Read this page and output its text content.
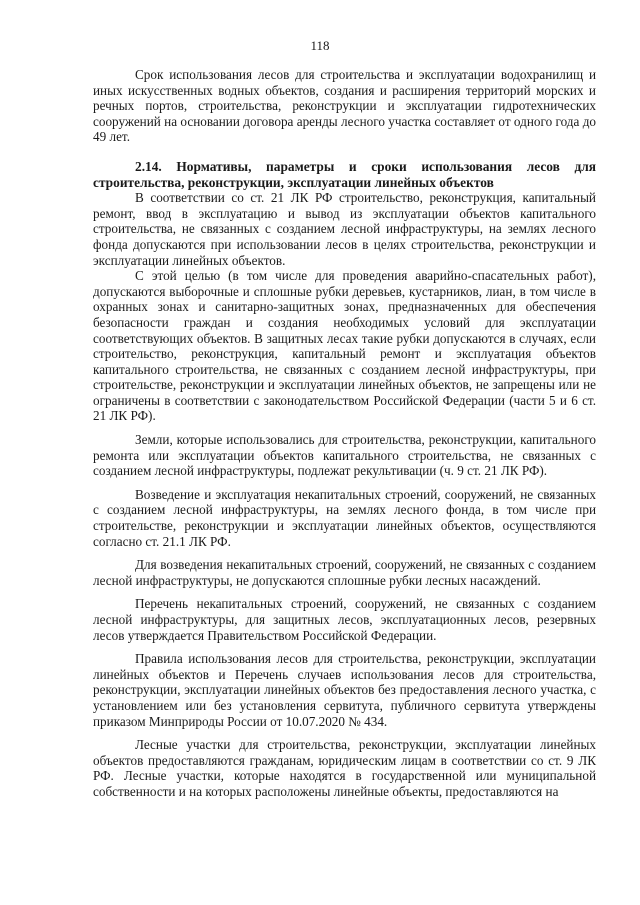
118

Срок использования лесов для строительства и эксплуатации водохранилищ и иных искусственных водных объектов, создания и расширения территорий морских и речных портов, строительства, реконструкции и эксплуатации гидротехнических сооружений на основании договора аренды лесного участка составляет от одного года до 49 лет.

2.14. Нормативы, параметры и сроки использования лесов для строительства, реконструкции, эксплуатации линейных объектов

В соответствии со ст. 21 ЛК РФ строительство, реконструкция, капитальный ремонт, ввод в эксплуатацию и вывод из эксплуатации объектов капитального строительства, не связанных с созданием лесной инфраструктуры, на землях лесного фонда допускаются при использовании лесов в целях строительства, реконструкции и эксплуатации линейных объектов.

С этой целью (в том числе для проведения аварийно-спасательных работ), допускаются выборочные и сплошные рубки деревьев, кустарников, лиан, в том числе в охранных зонах и санитарно-защитных зонах, предназначенных для обеспечения безопасности граждан и создания необходимых условий для эксплуатации соответствующих объектов. В защитных лесах такие рубки допускаются в случаях, если строительство, реконструкция, капитальный ремонт и эксплуатация объектов капитального строительства, не связанных с созданием лесной инфраструктуры, при строительстве, реконструкции и эксплуатации линейных объектов, не запрещены или не ограничены в соответствии с законодательством Российской Федерации (части 5 и 6 ст. 21 ЛК РФ).

Земли, которые использовались для строительства, реконструкции, капитального ремонта или эксплуатации объектов капитального строительства, не связанных с созданием лесной инфраструктуры, подлежат рекультивации (ч. 9 ст. 21 ЛК РФ).

Возведение и эксплуатация некапитальных строений, сооружений, не связанных с созданием лесной инфраструктуры, на землях лесного фонда, в том числе при строительстве, реконструкции и эксплуатации линейных объектов, осуществляются согласно ст. 21.1 ЛК РФ.

Для возведения некапитальных строений, сооружений, не связанных с созданием лесной инфраструктуры, не допускаются сплошные рубки лесных насаждений.

Перечень некапитальных строений, сооружений, не связанных с созданием лесной инфраструктуры, для защитных лесов, эксплуатационных лесов, резервных лесов утверждается Правительством Российской Федерации.

Правила использования лесов для строительства, реконструкции, эксплуатации линейных объектов и Перечень случаев использования лесов для строительства, реконструкции, эксплуатации линейных объектов без предоставления лесного участка, с установлением или без установления сервитута, публичного сервитута утверждены приказом Минприроды России от 10.07.2020 № 434.

Лесные участки для строительства, реконструкции, эксплуатации линейных объектов предоставляются гражданам, юридическим лицам в соответствии со ст. 9 ЛК РФ. Лесные участки, которые находятся в государственной или муниципальной собственности и на которых расположены линейные объекты, предоставляются на
